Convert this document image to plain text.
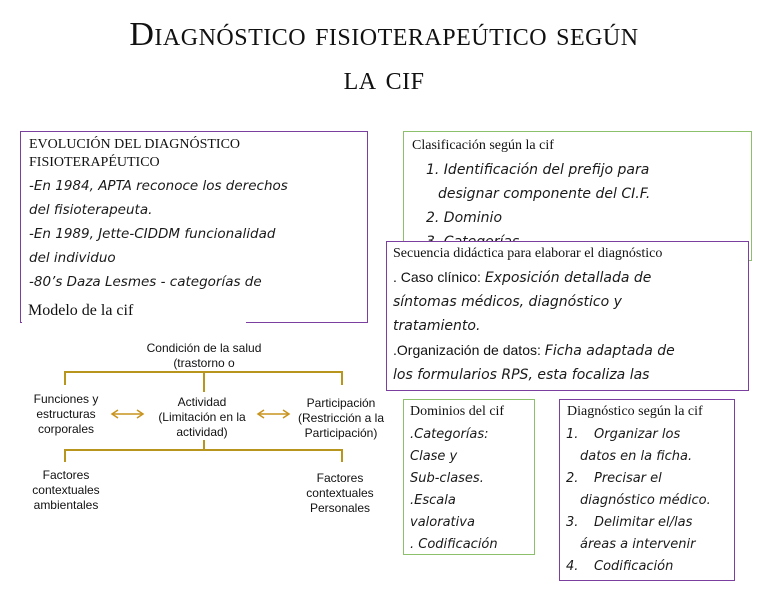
Diagnóstico fisioterapeútico según
la cif
EVOLUCIÓN DEL DIAGNÓSTICO
FISIOTERAPÉUTICO
-En 1984, APTA reconoce los derechos
del fisioterapeuta.
-En 1989, Jette-CIDDM funcionalidad
del individuo
-80’s Daza Lesmes - categorías de
Modelo de la cif
Clasificación según la cif
1. Identificación del prefijo para
designar componente del CI.F.
2. Dominio
Secuencia didáctica para elaborar el diagnóstico
. Caso clínico: Exposición detallada de
síntomas médicos, diagnóstico y
tratamiento.
.Organización de datos: Ficha adaptada de
los formularios RPS, esta focaliza las
Condición de la salud
(trastorno o
Funciones y
estructuras
corporales
Actividad
(Limitación en la
actividad)
Participación
(Restricción a la
Participación)
Factores
contextuales
ambientales
Factores
contextuales
Personales
Dominios del cif
.Categorías:
Clase y
Sub-clases.
.Escala
valorativa
. Codificación
Diagnóstico según la cif
1. Organizar los
datos en la ficha.
2. Precisar el
diagnóstico médico.
3. Delimitar el/las
áreas a intervenir
4. Codificación
